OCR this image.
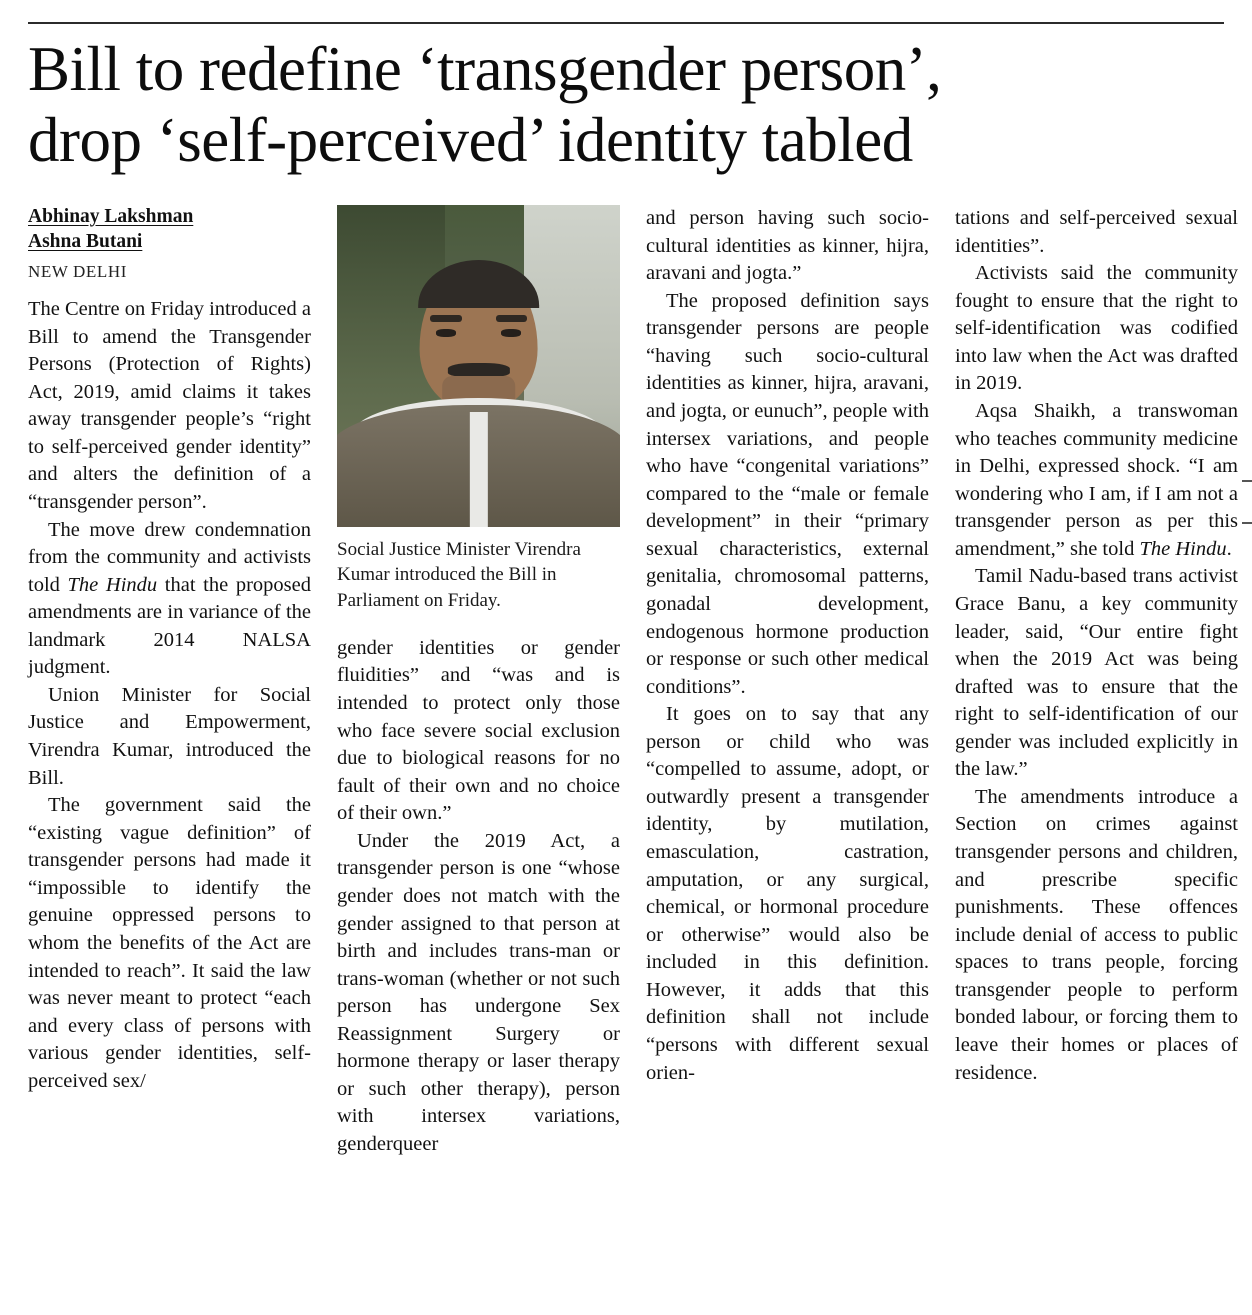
Bill to redefine ‘transgender person’,
drop ‘self-perceived’ identity tabled
Abhinay Lakshman
Ashna Butani
NEW DELHI

The Centre on Friday introduced a Bill to amend the Transgender Persons (Protection of Rights) Act, 2019, amid claims it takes away transgender people’s “right to self-perceived gender identity” and alters the definition of a “transgender person”.

The move drew condemnation from the community and activists told The Hindu that the proposed amendments are in variance of the landmark 2014 NALSA judgment.

Union Minister for Social Justice and Empowerment, Virendra Kumar, introduced the Bill.

The government said the “existing vague definition” of transgender persons had made it “impossible to identify the genuine oppressed persons to whom the benefits of the Act are intended to reach”. It said the law was never meant to protect “each and every class of persons with various gender identities, self-perceived sex/

Social Justice Minister Virendra Kumar introduced the Bill in Parliament on Friday.

gender identities or gender fluidities” and “was and is intended to protect only those who face severe social exclusion due to biological reasons for no fault of their own and no choice of their own.”

Under the 2019 Act, a transgender person is one “whose gender does not match with the gender assigned to that person at birth and includes trans-man or trans-woman (whether or not such person has undergone Sex Reassignment Surgery or hormone therapy or laser therapy or such other therapy), person with intersex variations, genderqueer

and person having such socio-cultural identities as kinner, hijra, aravani and jogta.”

The proposed definition says transgender persons are people “having such socio-cultural identities as kinner, hijra, aravani, and jogta, or eunuch”, people with intersex variations, and people who have “congenital variations” compared to the “male or female development” in their “primary sexual characteristics, external genitalia, chromosomal patterns, gonadal development, endogenous hormone production or response or such other medical conditions”.

It goes on to say that any person or child who was “compelled to assume, adopt, or outwardly present a transgender identity, by mutilation, emasculation, castration, amputation, or any surgical, chemical, or hormonal procedure or otherwise” would also be included in this definition. However, it adds that this definition shall not include “persons with different sexual orien-

tations and self-perceived sexual identities”.

Activists said the community fought to ensure that the right to self-identification was codified into law when the Act was drafted in 2019.

Aqsa Shaikh, a transwoman who teaches community medicine in Delhi, expressed shock. “I am wondering who I am, if I am not a transgender person as per this amendment,” she told The Hindu.

Tamil Nadu-based trans activist Grace Banu, a key community leader, said, “Our entire fight when the 2019 Act was being drafted was to ensure that the right to self-identification of our gender was included explicitly in the law.”

The amendments introduce a Section on crimes against transgender persons and children, and prescribe specific punishments. These offences include denial of access to public spaces to trans people, forcing transgender people to perform bonded labour, or forcing them to leave their homes or places of residence.
